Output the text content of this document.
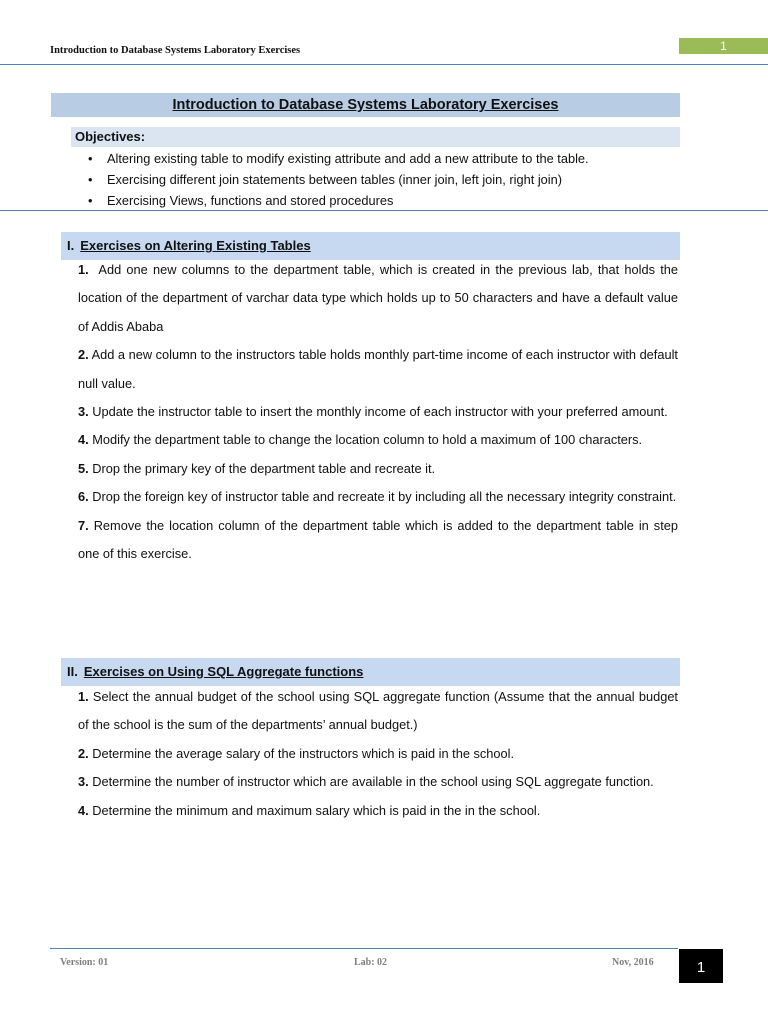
Introduction to Database Systems Laboratory Exercises	1
Introduction to Database Systems Laboratory Exercises
Objectives:
• Altering existing table to modify existing attribute and add a new attribute to the table.
• Exercising different join statements between tables (inner join, left join, right join)
• Exercising Views, functions and stored procedures
I. Exercises on Altering Existing Tables
1. Add one new columns to the department table, which is created in the previous lab, that holds the location of the department of varchar data type which holds up to 50 characters and have a default value of Addis Ababa
2. Add a new column to the instructors table holds monthly part-time income of each instructor with default null value.
3. Update the instructor table to insert the monthly income of each instructor with your preferred amount.
4. Modify the department table to change the location column to hold a maximum of 100 characters.
5. Drop the primary key of the department table and recreate it.
6. Drop the foreign key of instructor table and recreate it by including all the necessary integrity constraint.
7. Remove the location column of the department table which is added to the department table in step one of this exercise.
II. Exercises on Using SQL Aggregate functions
1. Select the annual budget of the school using SQL aggregate function (Assume that the annual budget of the school is the sum of the departments’ annual budget.)
2. Determine the average salary of the instructors which is paid in the school.
3. Determine the number of instructor which are available in the school using SQL aggregate function.
4. Determine the minimum and maximum salary which is paid in the in the school.
Version: 01	Lab: 02	Nov, 2016	1
